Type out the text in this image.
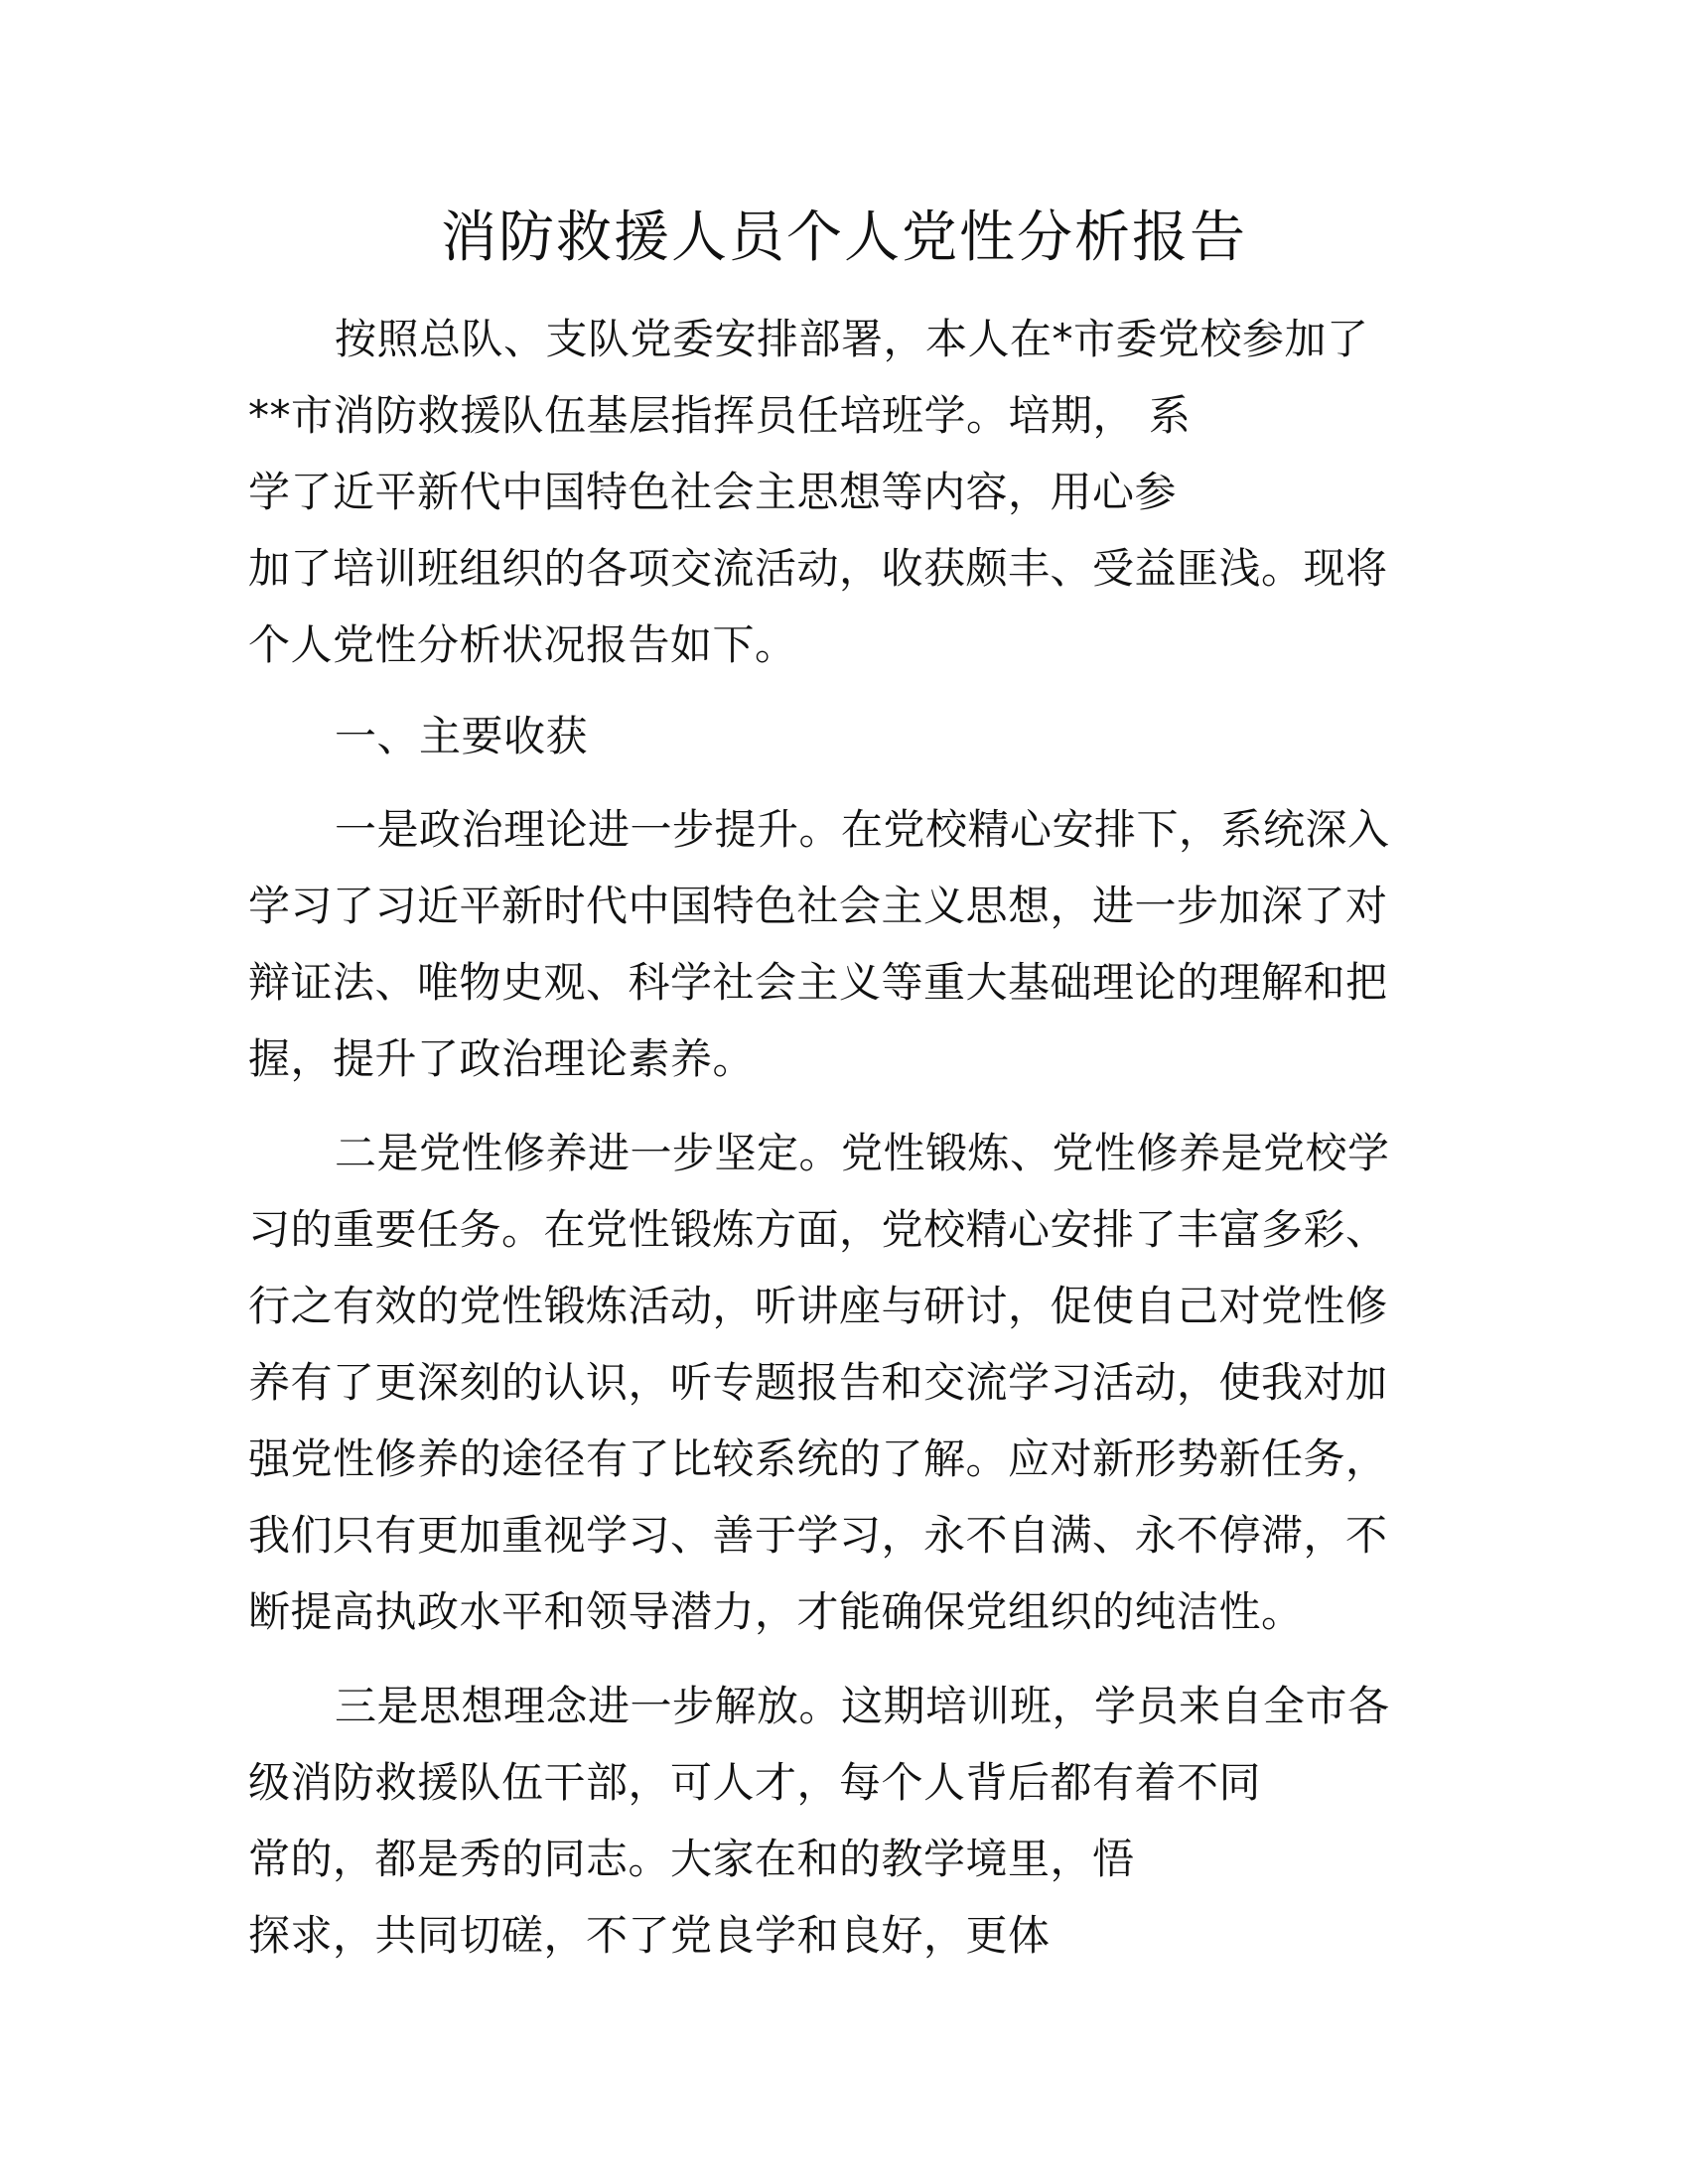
消防救援人员个人党性分析报告

按照总队、支队党委安排部署，本人在*市委党校参加了

**市消防救援队伍基层指挥员任培班学。培期， 系

学了近平新代中国特色社会主思想等内容，用心参

加了培训班组织的各项交流活动，收获颇丰、受益匪浅。现将

个人党性分析状况报告如下。

一、主要收获

一是政治理论进一步提升。在党校精心安排下，系统深入

学习了习近平新时代中国特色社会主义思想，进一步加深了对

辩证法、唯物史观、科学社会主义等重大基础理论的理解和把

握，提升了政治理论素养。

二是党性修养进一步坚定。党性锻炼、党性修养是党校学

习的重要任务。在党性锻炼方面，党校精心安排了丰富多彩、

行之有效的党性锻炼活动，听讲座与研讨，促使自己对党性修

养有了更深刻的认识，听专题报告和交流学习活动，使我对加

强党性修养的途径有了比较系统的了解。应对新形势新任务，

我们只有更加重视学习、善于学习，永不自满、永不停滞，不

断提高执政水平和领导潜力，才能确保党组织的纯洁性。

三是思想理念进一步解放。这期培训班，学员来自全市各

级消防救援队伍干部，可人才，每个人背后都有着不同

常的，都是秀的同志。大家在和的教学境里，悟

探求，共同切磋，不了党良学和良好，更体
